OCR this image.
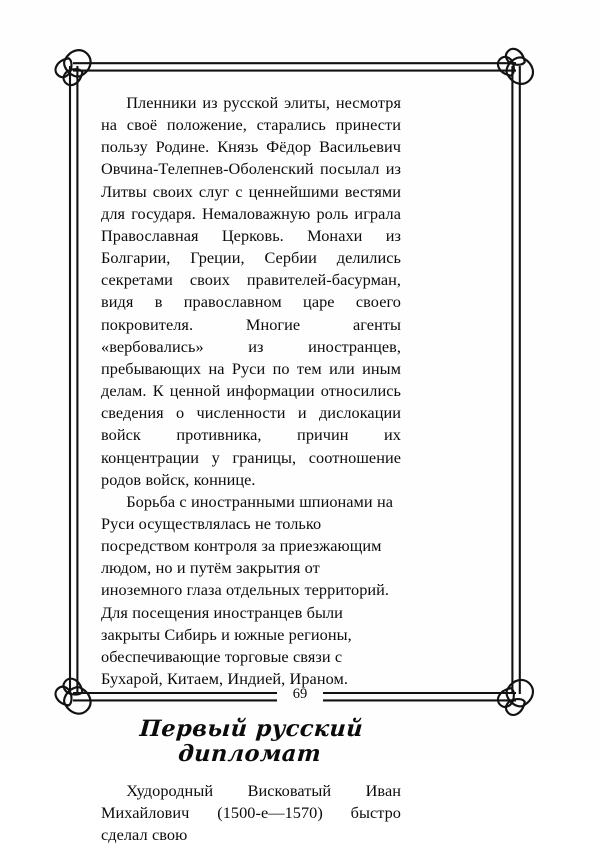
Пленники из русской элиты, несмотря на своё положение, старались принести пользу Родине. Князь Фёдор Васильевич Овчина-Телепнев-Оболенский посылал из Литвы своих слуг с ценнейшими вестями для государя. Немаловажную роль играла Православная Церковь. Монахи из Болгарии, Греции, Сербии делились секретами своих правителей-басурман, видя в православном царе своего покровителя. Многие агенты «вербовались» из иностранцев, пребывающих на Руси по тем или иным делам. К ценной информации относились сведения о численности и дислокации войск противника, причин их концентрации у границы, соотношение родов войск, коннице.

Борьба с иностранными шпионами на Руси осуществлялась не только посредством контроля за приезжающим людом, но и путём закрытия от иноземного глаза отдельных территорий. Для посещения иностранцев были закрыты Сибирь и южные регионы, обеспечивающие торговые связи с Бухарой, Китаем, Индией, Ираном.

Первый русский дипломат

Худородный Висковатый Иван Михайлович (1500-е—1570) быстро сделал свою

69
